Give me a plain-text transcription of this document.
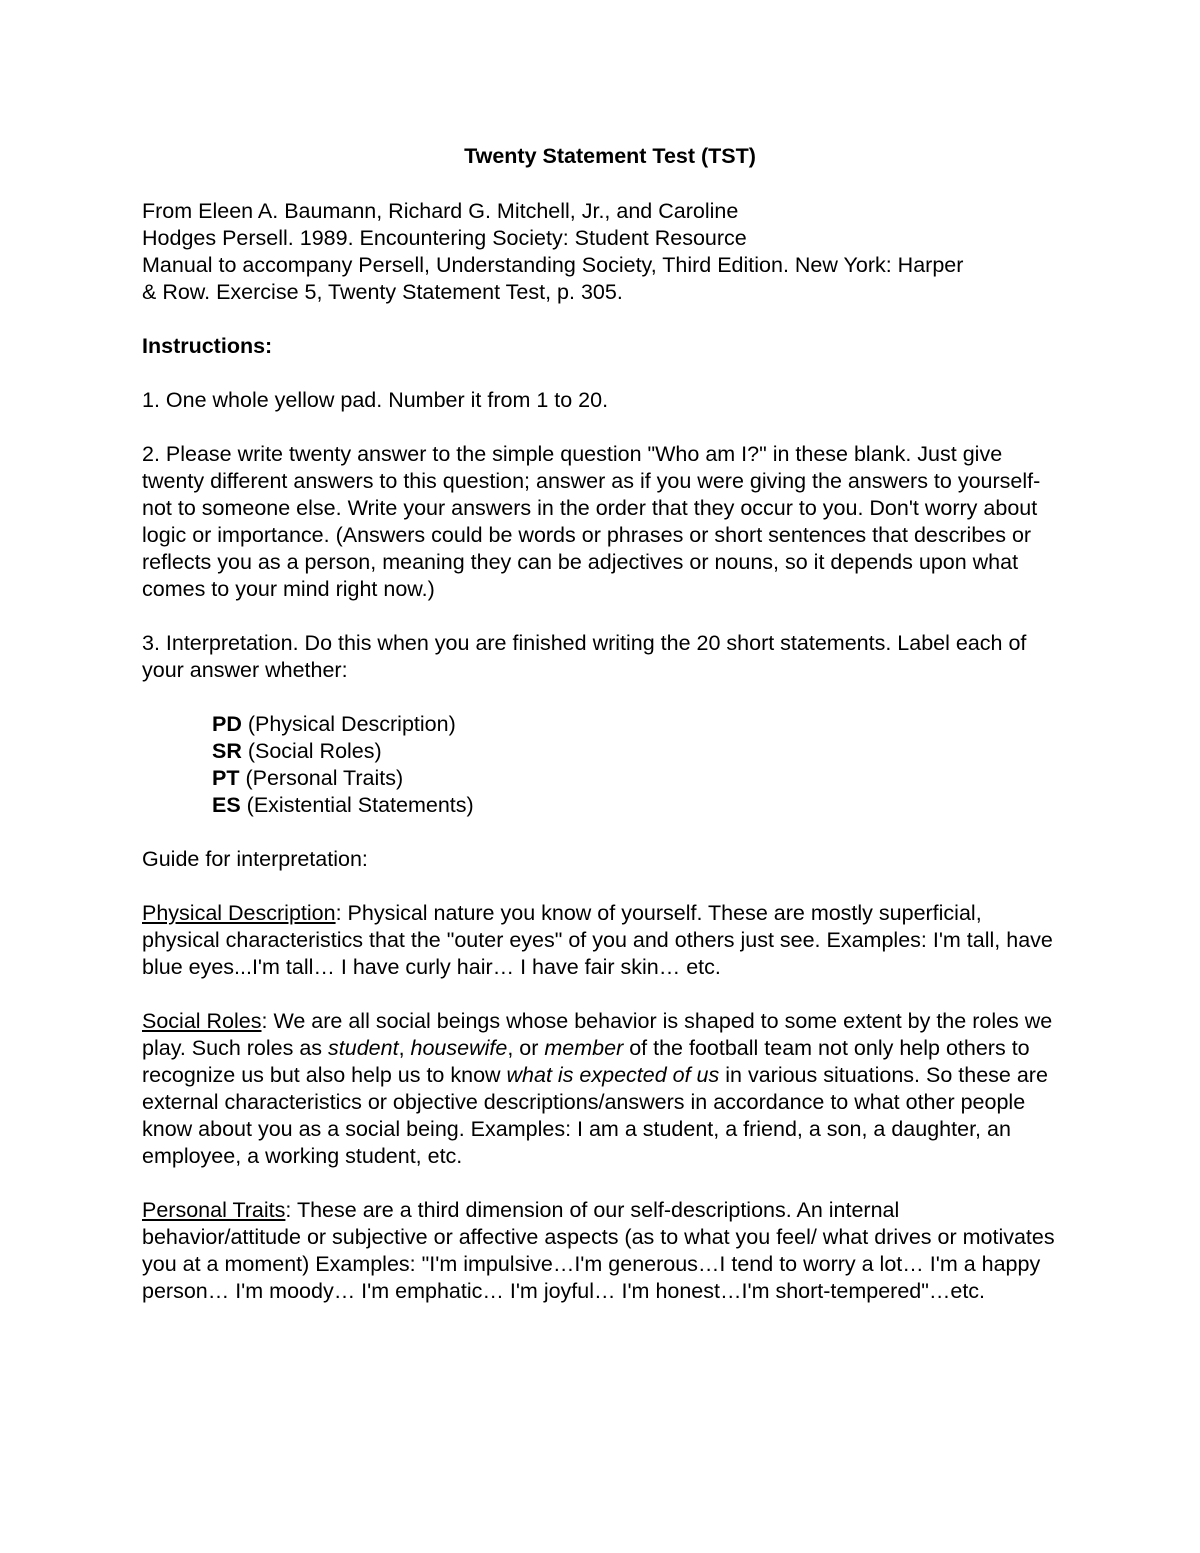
Twenty Statement Test (TST)

From Eleen A. Baumann, Richard G. Mitchell, Jr., and Caroline
Hodges Persell. 1989. Encountering Society: Student Resource
Manual to accompany Persell, Understanding Society, Third Edition. New York: Harper
& Row. Exercise 5, Twenty Statement Test, p. 305.

Instructions:

1. One whole yellow pad. Number it from 1 to 20.

2. Please write twenty answer to the simple question "Who am I?" in these blank. Just give twenty different answers to this question; answer as if you were giving the answers to yourself- not to someone else. Write your answers in the order that they occur to you. Don't worry about logic or importance. (Answers could be words or phrases or short sentences that describes or reflects you as a person, meaning they can be adjectives or nouns, so it depends upon what comes to your mind right now.)

3. Interpretation. Do this when you are finished writing the 20 short statements. Label each of your answer whether:

PD (Physical Description)
SR (Social Roles)
PT (Personal Traits)
ES (Existential Statements)

Guide for interpretation:

Physical Description: Physical nature you know of yourself. These are mostly superficial, physical characteristics that the "outer eyes" of you and others just see. Examples: I'm tall, have blue eyes...I'm tall… I have curly hair… I have fair skin… etc.

Social Roles: We are all social beings whose behavior is shaped to some extent by the roles we play. Such roles as student, housewife, or member of the football team not only help others to recognize us but also help us to know what is expected of us in various situations. So these are external characteristics or objective descriptions/answers in accordance to what other people know about you as a social being. Examples: I am a student, a friend, a son, a daughter, an employee, a working student, etc.

Personal Traits: These are a third dimension of our self-descriptions. An internal behavior/attitude or subjective or affective aspects (as to what you feel/ what drives or motivates you at a moment) Examples: "I'm impulsive…I'm generous…I tend to worry a lot… I'm a happy person… I'm moody… I'm emphatic… I'm joyful… I'm honest…I'm short-tempered"…etc.
